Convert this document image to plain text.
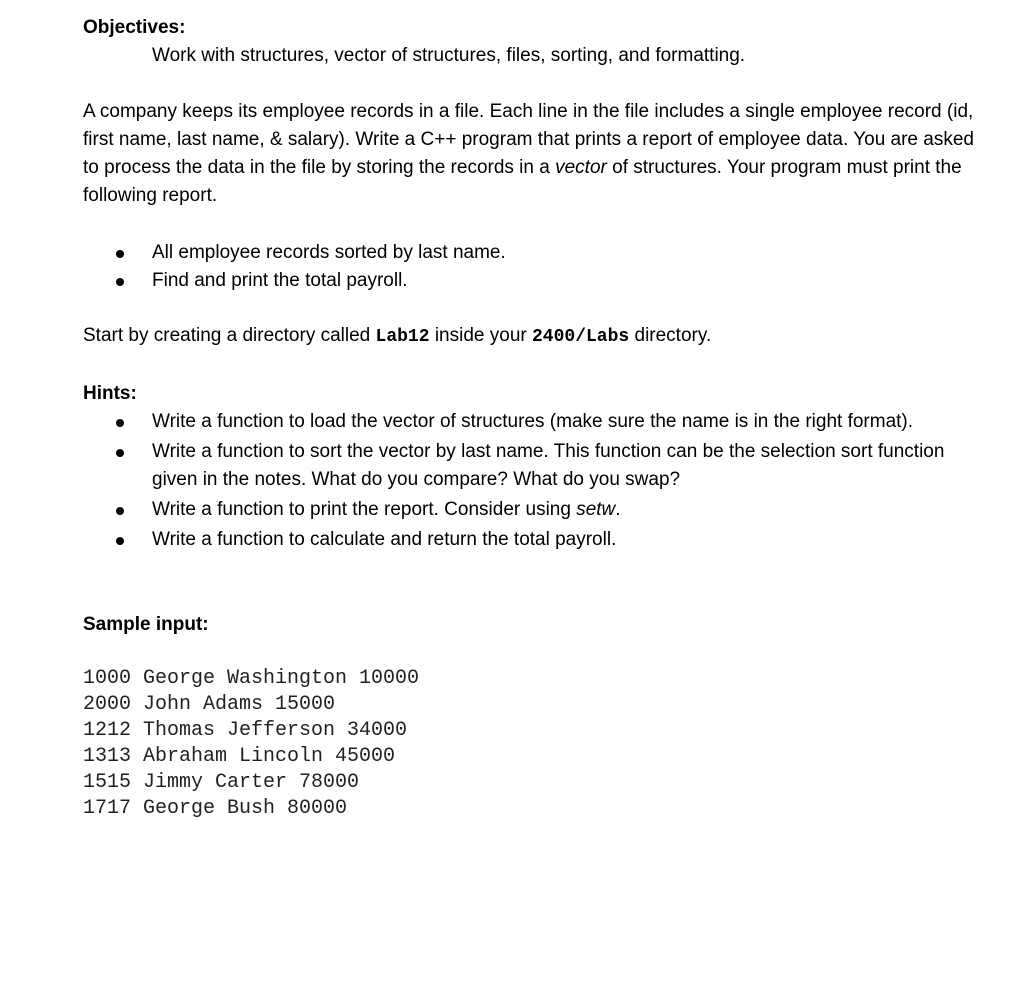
Objectives:

Work with structures, vector of structures, files, sorting, and formatting.

A company keeps its employee records in a file. Each line in the file includes a single employee record (id, first name, last name, & salary). Write a C++ program that prints a report of employee data. You are asked to process the data in the file by storing the records in a vector of structures. Your program must print the following report.

All employee records sorted by last name.
Find and print the total payroll.

Start by creating a directory called Lab12 inside your 2400/Labs directory.

Hints:

Write a function to load the vector of structures (make sure the name is in the right format).
Write a function to sort the vector by last name. This function can be the selection sort function given in the notes. What do you compare? What do you swap?
Write a function to print the report. Consider using setw.
Write a function to calculate and return the total payroll.

Sample input:

1000 George Washington 10000
2000 John Adams 15000
1212 Thomas Jefferson 34000
1313 Abraham Lincoln 45000
1515 Jimmy Carter 78000
1717 George Bush 80000
